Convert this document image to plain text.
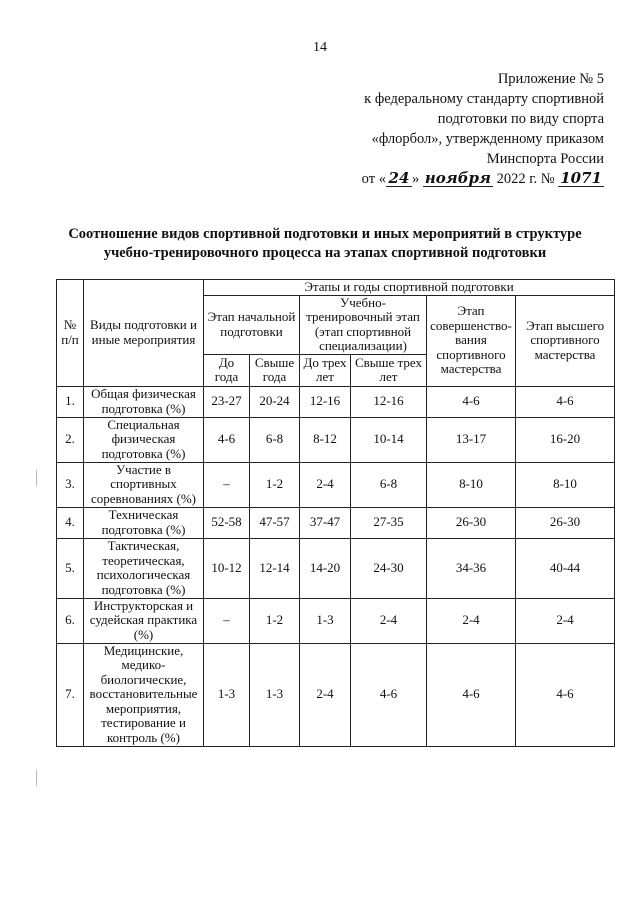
14
Приложение № 5
к федеральному стандарту спортивной
подготовки по виду спорта
«флорбол», утвержденному приказом
Минспорта России
от « 24 » ноября 2022 г. № 1071
Соотношение видов спортивной подготовки и иных мероприятий в структуре
учебно-тренировочного процесса на этапах спортивной подготовки
№ п/п	Виды подготовки и иные мероприятия	Этапы и годы спортивной подготовки					
		Этап начальной подготовки		Учебно-тренировочный этап (этап спортивной специализации)		Этап совершенство-вания спортивного мастерства	Этап высшего спортивного мастерства
		До года	Свыше года	До трех лет	Свыше трех лет		
1.	Общая физическая подготовка (%)	23-27	20-24	12-16	12-16	4-6	4-6
2.	Специальная физическая подготовка (%)	4-6	6-8	8-12	10-14	13-17	16-20
3.	Участие в спортивных соревнованиях (%)	–	1-2	2-4	6-8	8-10	8-10
4.	Техническая подготовка (%)	52-58	47-57	37-47	27-35	26-30	26-30
5.	Тактическая, теоретическая, психологическая подготовка (%)	10-12	12-14	14-20	24-30	34-36	40-44
6.	Инструкторская и судейская практика (%)	–	1-2	1-3	2-4	2-4	2-4
7.	Медицинские, медико-биологические, восстановительные мероприятия, тестирование и контроль (%)	1-3	1-3	2-4	4-6	4-6	4-6
